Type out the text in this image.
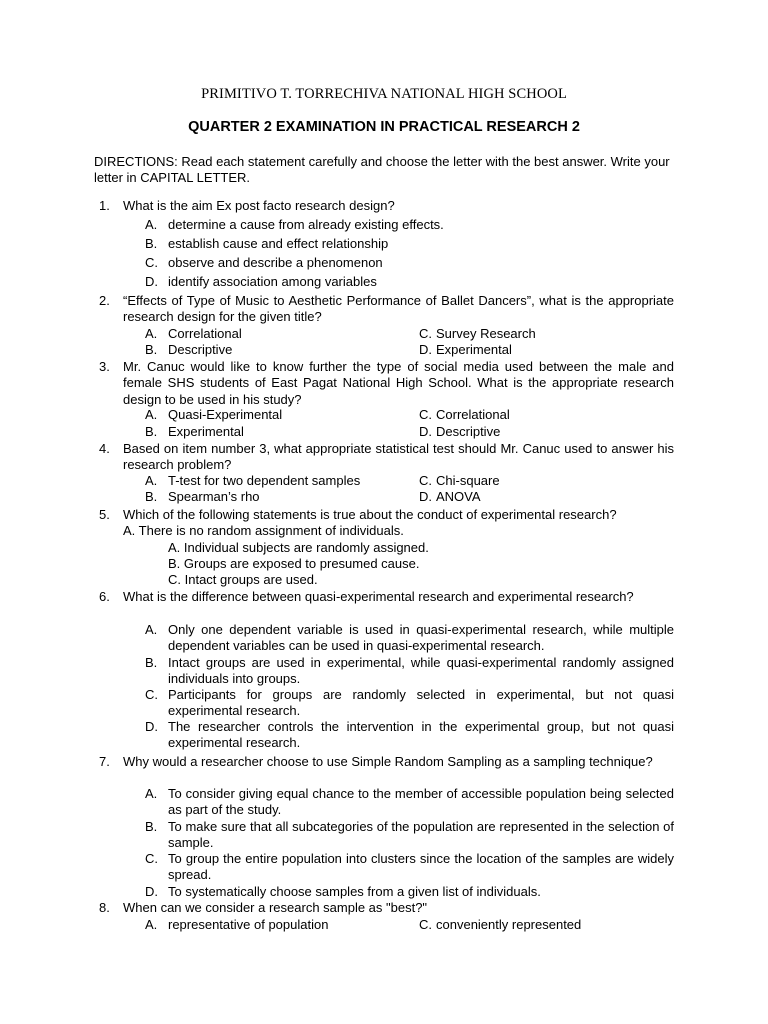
PRIMITIVO T. TORRECHIVA NATIONAL HIGH SCHOOL
QUARTER 2 EXAMINATION IN PRACTICAL RESEARCH 2
DIRECTIONS: Read each statement carefully and choose the letter with the best answer. Write your letter in CAPITAL LETTER.
1. What is the aim Ex post facto research design?
A. determine a cause from already existing effects.
B. establish cause and effect relationship
C. observe and describe a phenomenon
D. identify association among variables
2. “Effects of Type of Music to Aesthetic Performance of Ballet Dancers”, what is the appropriate research design for the given title?
A. Correlational	C. Survey Research
B. Descriptive	D. Experimental
3. Mr. Canuc would like to know further the type of social media used between the male and female SHS students of East Pagat National High School. What is the appropriate research design to be used in his study?
A. Quasi-Experimental	C. Correlational
B. Experimental	D. Descriptive
4. Based on item number 3, what appropriate statistical test should Mr. Canuc used to answer his research problem?
A. T-test for two dependent samples	C. Chi-square
B. Spearman’s rho	D. ANOVA
5. Which of the following statements is true about the conduct of experimental research?
A. There is no random assignment of individuals.
A. Individual subjects are randomly assigned.
B. Groups are exposed to presumed cause.
C. Intact groups are used.
6. What is the difference between quasi-experimental research and experimental research?
A. Only one dependent variable is used in quasi-experimental research, while multiple dependent variables can be used in quasi-experimental research.
B. Intact groups are used in experimental, while quasi-experimental randomly assigned individuals into groups.
C. Participants for groups are randomly selected in experimental, but not quasi experimental research.
D. The researcher controls the intervention in the experimental group, but not quasi experimental research.
7. Why would a researcher choose to use Simple Random Sampling as a sampling technique?
A. To consider giving equal chance to the member of accessible population being selected as part of the study.
B. To make sure that all subcategories of the population are represented in the selection of sample.
C. To group the entire population into clusters since the location of the samples are widely spread.
D. To systematically choose samples from a given list of individuals.
8. When can we consider a research sample as "best?"
A. representative of population	C. conveniently represented
